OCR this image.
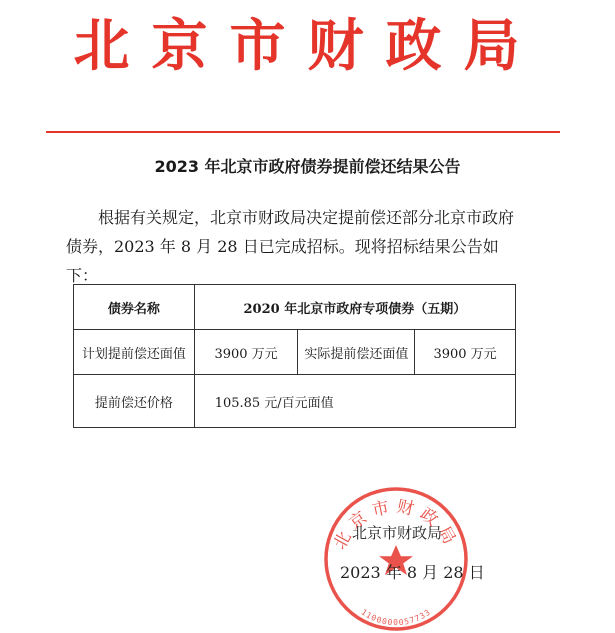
北京市财政局
2023 年北京市政府债券提前偿还结果公告

根据有关规定，北京市财政局决定提前偿还部分北京市政府债券，2023 年 8 月 28 日已完成招标。现将招标结果公告如下：

债券名称	2020 年北京市政府专项债券（五期）		
计划提前偿还面值	3900 万元	实际提前偿还面值	3900 万元
提前偿还价格	105.85 元/百元面值		
北京市财政局
1100000057733
北京市财政局
2023 年 8 月 28 日
